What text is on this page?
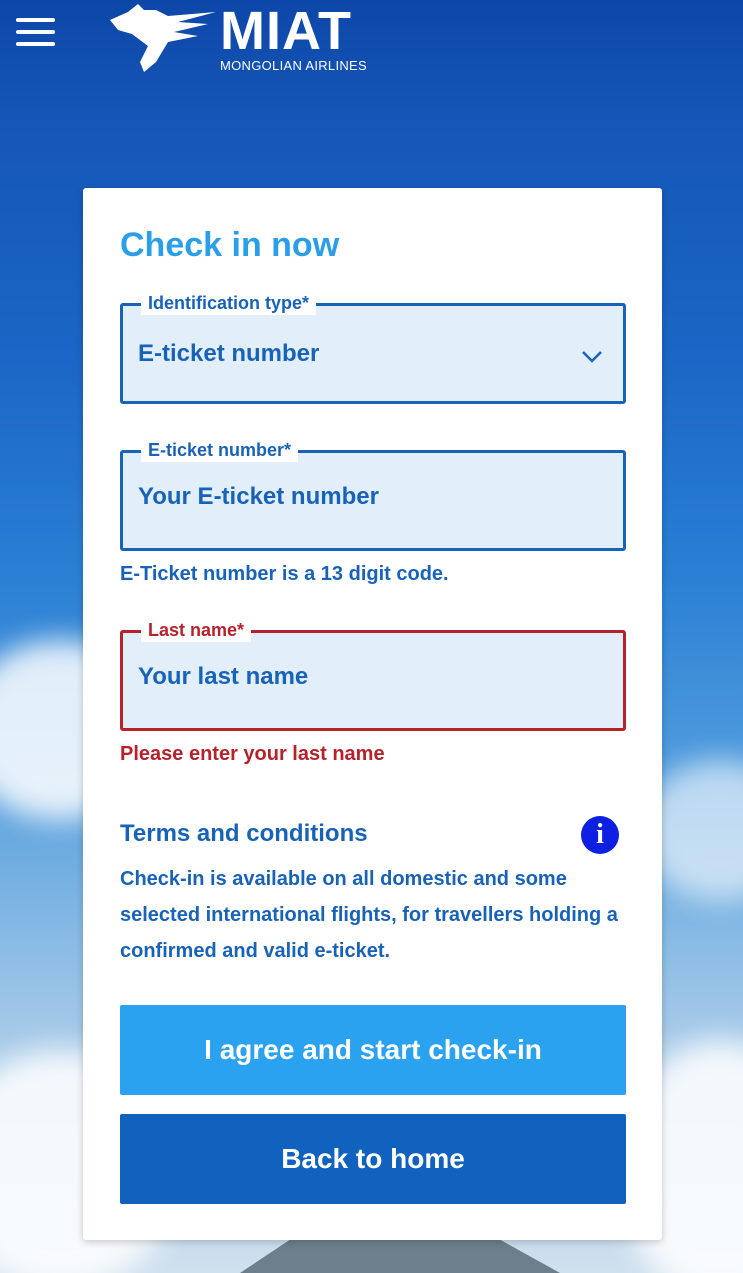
MIAT
MONGOLIAN AIRLINES
Check in now
Identification type*
E-ticket number
E-ticket number*
Your E-ticket number
E-Ticket number is a 13 digit code.
Last name*
Your last name
Please enter your last name
Terms and conditions	i
Check-in is available on all domestic and some selected international flights, for travellers holding a confirmed and valid e-ticket.
I agree and start check-in
Back to home
